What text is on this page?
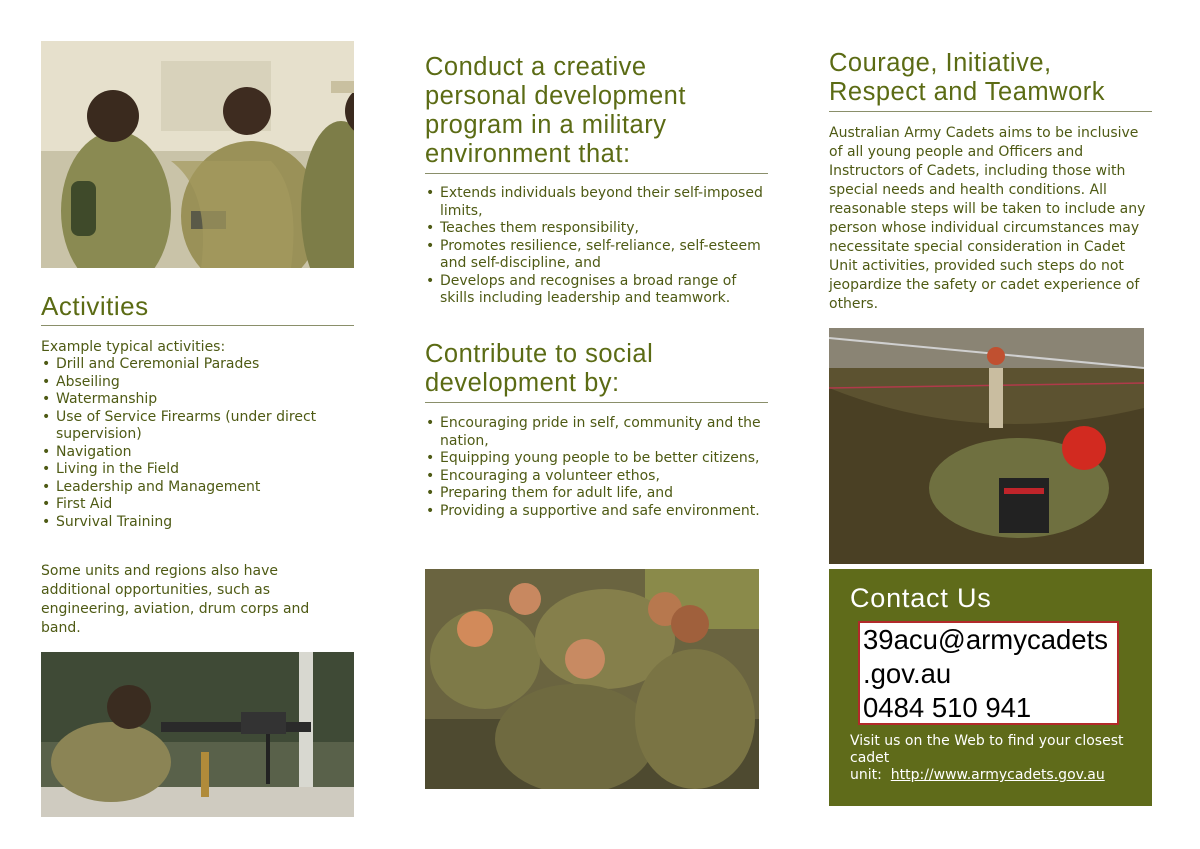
Activities

Example typical activities:

• Drill and Ceremonial Parades
• Abseiling
• Watermanship
• Use of Service Firearms (under direct supervision)
• Navigation
• Living in the Field
• Leadership and Management
• First Aid
• Survival Training

Some units and regions also have additional opportunities, such as engineering, aviation, drum corps and band.

Conduct a creative personal development program in a military environment that:
• Extends individuals beyond their self-imposed limits,
• Teaches them responsibility,
• Promotes resilience, self-reliance, self-esteem and self-discipline, and
• Develops and recognises a broad range of skills including leadership and teamwork.
Contribute to social development by:
• Encouraging pride in self, community and the nation,
• Equipping young people to be better citizens,
• Encouraging a volunteer ethos,
• Preparing them for adult life, and
• Providing a supportive and safe environment.
Courage, Initiative, Respect and Teamwork

Australian Army Cadets aims to be inclusive of all young people and Officers and Instructors of Cadets, including those with special needs and health conditions. All reasonable steps will be taken to include any person whose individual circumstances may necessitate special consideration in Cadet Unit activities, provided such steps do not jeopardize the safety or cadet experience of others.

Contact Us
39acu@armycadets
.gov.au
0484 510 941
Visit us on the Web to find your closest cadet
unit: http://www.armycadets.gov.au
